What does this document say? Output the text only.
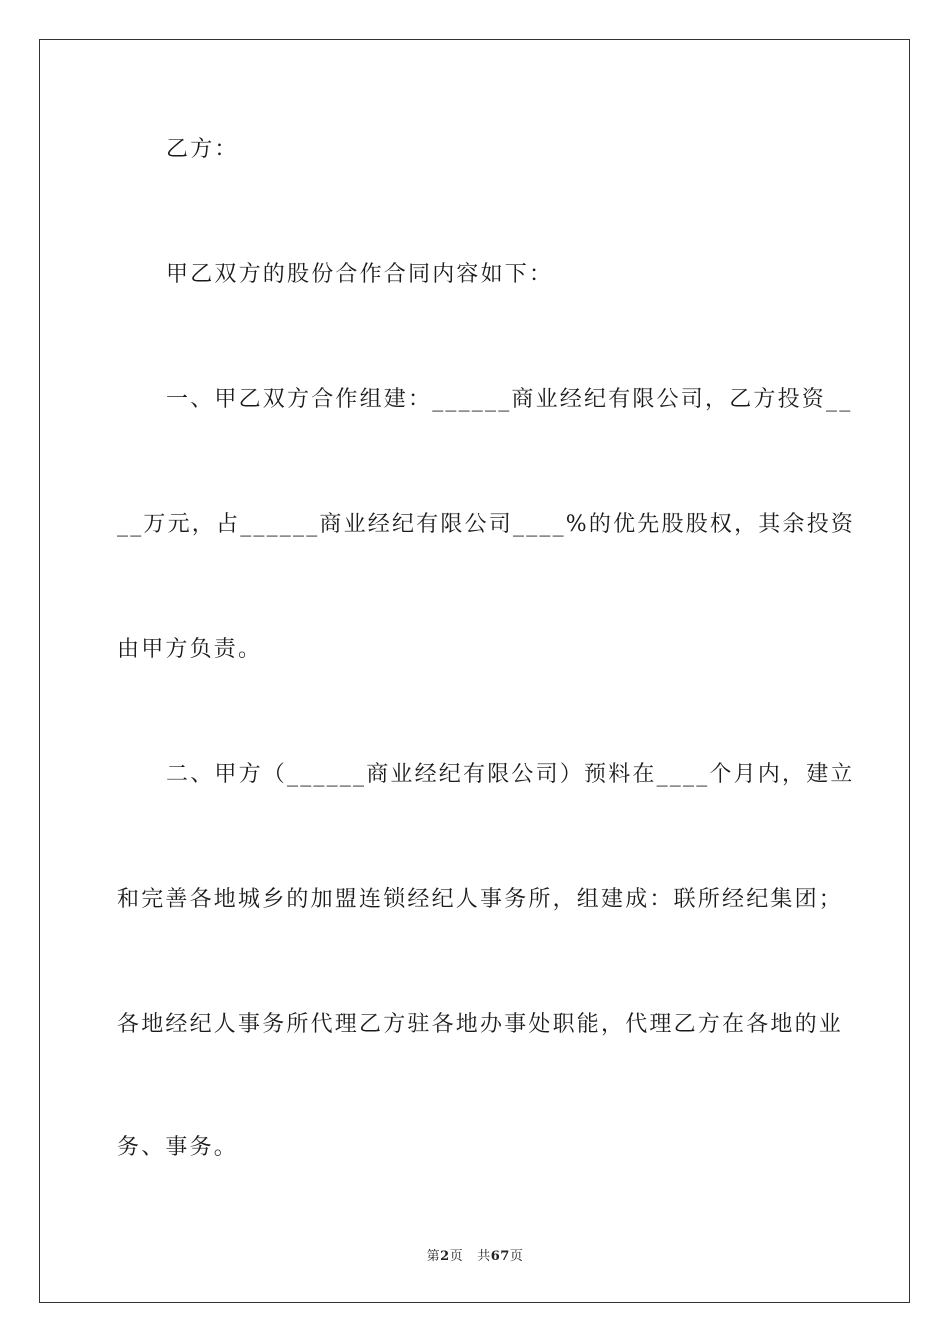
乙方：
甲乙双方的股份合作合同内容如下：
一、甲乙双方合作组建：______商业经纪有限公司，乙方投资__
__万元，占______商业经纪有限公司____%的优先股股权，其余投资
由甲方负责。
二、甲方（______商业经纪有限公司）预料在____个月内，建立
和完善各地城乡的加盟连锁经纪人事务所，组建成：联所经纪集团；
各地经纪人事务所代理乙方驻各地办事处职能，代理乙方在各地的业
务、事务。
第2页 共67页
